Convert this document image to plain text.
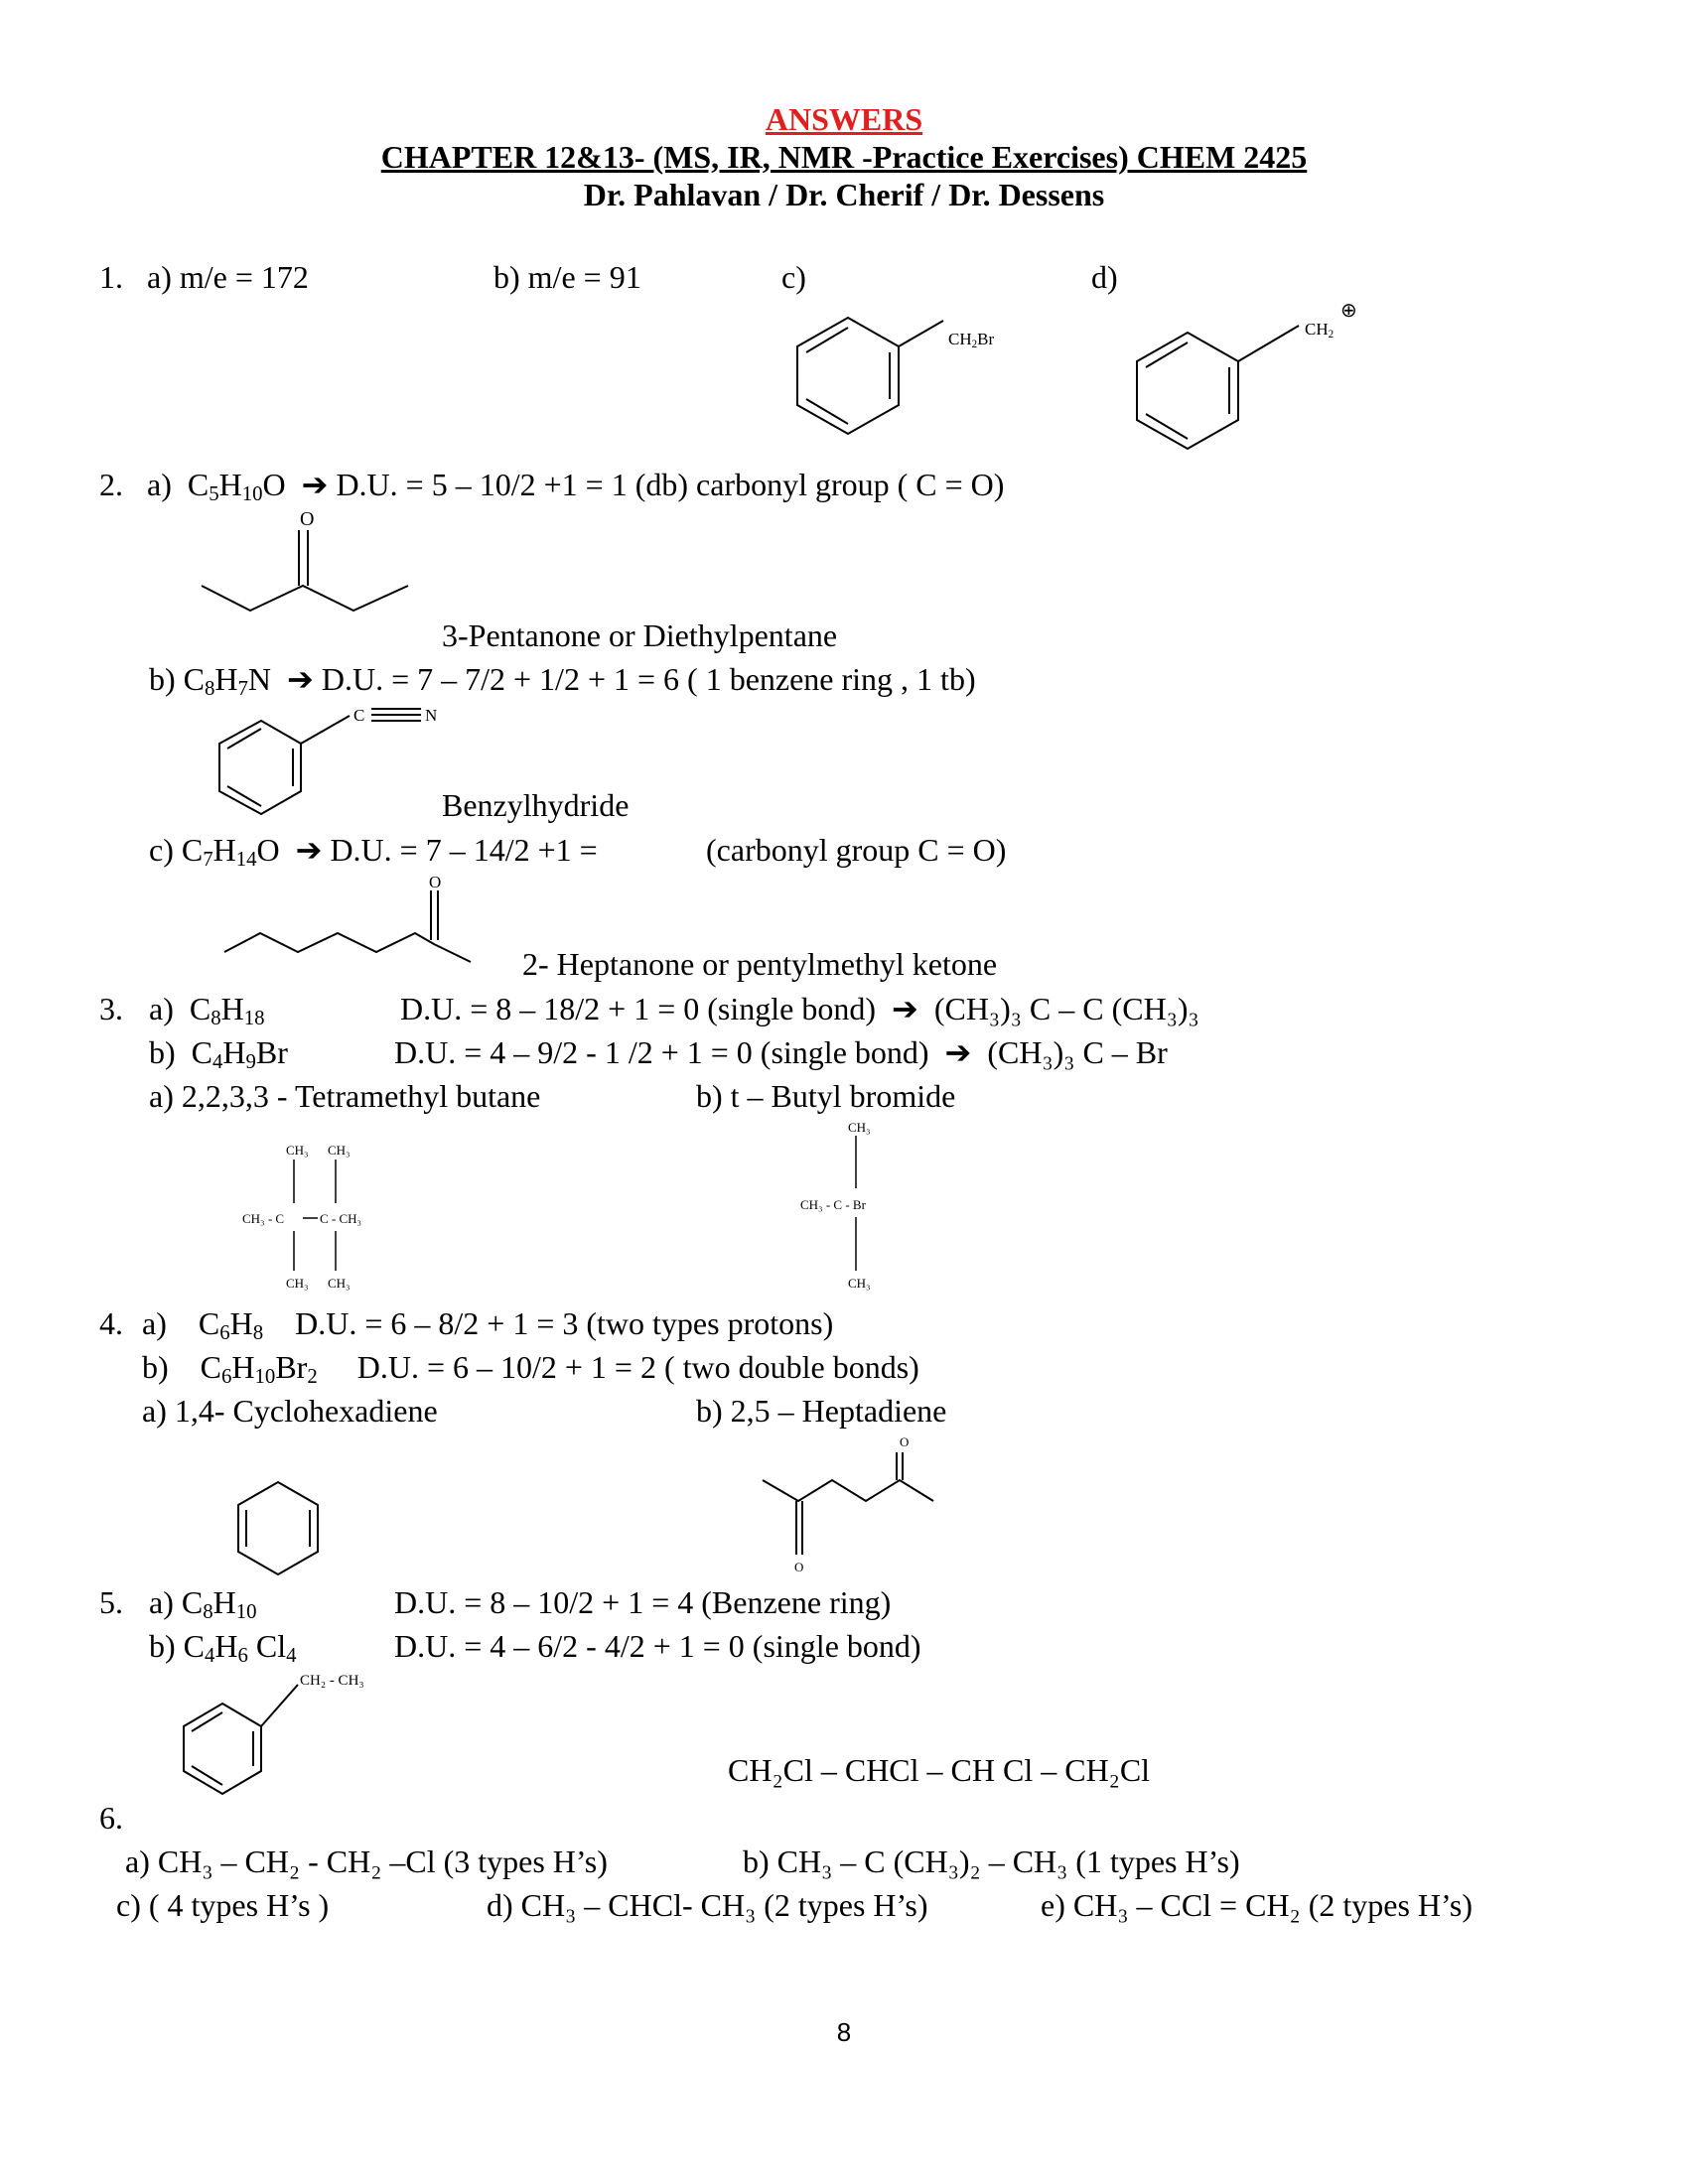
ANSWERS
CHAPTER 12&13- (MS, IR, NMR -Practice Exercises) CHEM 2425
Dr. Pahlavan / Dr. Cherif / Dr. Dessens
1. a) m/e = 172	b) m/e = 91	c)	d)
$CH_2Br$
$CH_2$
⊕
2. a) $C_5H_{10}O$ ➔ D.U. = 5 – 10/2 +1 = 1 (db) carbonyl group ( C = O)
O
3-Pentanone or Diethylpentane
b) $C_8H_7N$ ➔ D.U. = 7 – 7/2 + 1/2 + 1 = 6 ( 1 benzene ring , 1 tb)
C	N
Benzylhydride
c) $C_7H_{14}O$ ➔ D.U. = 7 – 14/2 +1 =	(carbonyl group C = O)
O
2- Heptanone or pentylmethyl ketone
3. a) $C_8H_{18}$	D.U. = 8 – 18/2 + 1 = 0 (single bond) ➔ (CH₃)₃ C – C (CH₃)₃
b) $C_4H_9Br$	D.U. = 4 – 9/2 - 1 /2 + 1 = 0 (single bond) ➔ (CH₃)₃ C – Br
a) 2,2,3,3 - Tetramethyl butane	b) t – Butyl bromide
CH₃ CH₃
CH₃ - C	C - CH₃
CH₃ CH₃
CH₃
CH₃ - C - Br
CH₃
4. a) $C_6H_8$ D.U. = 6 – 8/2 + 1 = 3 (two types protons)
b) $C_6H_{10}Br_2$ D.U. = 6 – 10/2 + 1 = 2 ( two double bonds)
a) 1,4- Cyclohexadiene	b) 2,5 – Heptadiene
O
O
5. a) $C_8H_{10}$	D.U. = 8 – 10/2 + 1 = 4 (Benzene ring)
b) $C_4H_6$ $Cl_4$	D.U. = 4 – 6/2 - 4/2 + 1 = 0 (single bond)
CH₂ - CH₃
CH₂Cl – CHCl – CH Cl – CH₂Cl
6.
a) CH₃ – CH₂ - CH₂ –Cl (3 types H’s)	b) CH₃ – C (CH₃)₂ – CH₃ (1 types H’s)
c) ( 4 types H’s )	d) CH₃ – CHCl- CH₃ (2 types H’s)	e) CH₃ – CCl = CH₂ (2 types H’s)
8
